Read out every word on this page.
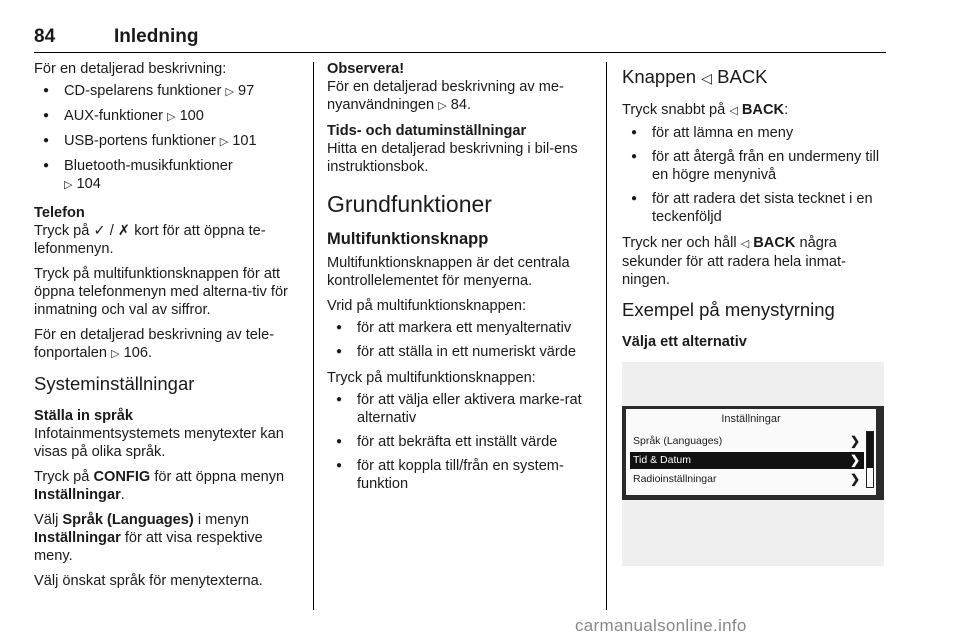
84	Inledning

För en detaljerad beskrivning:

● CD-spelarens funktioner ▷ 97
● AUX-funktioner ▷ 100
● USB-portens funktioner ▷ 101
● Bluetooth-musikfunktioner
▷ 104

Telefon

Tryck på ✓ / ✗ kort för att öppna te-lefonmenyn.

Tryck på multifunktionsknappen för att öppna telefonmenyn med alterna-tiv för inmatning och val av siffror.

För en detaljerad beskrivning av tele-fonportalen ▷ 106.

Systeminställningar

Ställa in språk

Infotainmentsystemets menytexter kan visas på olika språk.

Tryck på CONFIG för att öppna menyn Inställningar.

Välj Språk (Languages) i menyn Inställningar för att visa respektive meny.

Välj önskat språk för menytexterna.

Observera!

För en detaljerad beskrivning av me-nyanvändningen ▷ 84.

Tids- och datuminställningar

Hitta en detaljerad beskrivning i bil-ens instruktionsbok.

Grundfunktioner

Multifunktionsknapp

Multifunktionsknappen är det centrala kontrollelementet för menyerna.

Vrid på multifunktionsknappen:

● för att markera ett menyalternativ
● för att ställa in ett numeriskt värde

Tryck på multifunktionsknappen:

● för att välja eller aktivera marke-rat alternativ
● för att bekräfta ett inställt värde
● för att koppla till/från en system-funktion

Knappen ◁ BACK

Tryck snabbt på ◁ BACK:

● för att lämna en meny
● för att återgå från en undermeny till en högre menynivå
● för att radera det sista tecknet i en teckenföljd

Tryck ner och håll ◁ BACK några sekunder för att radera hela inmat-ningen.

Exempel på menystyrning

Välja ett alternativ

Inställningar
Språk (Languages)	❯
Tid & Datum	❯
Radioinställningar	❯
carmanualsonline.info
